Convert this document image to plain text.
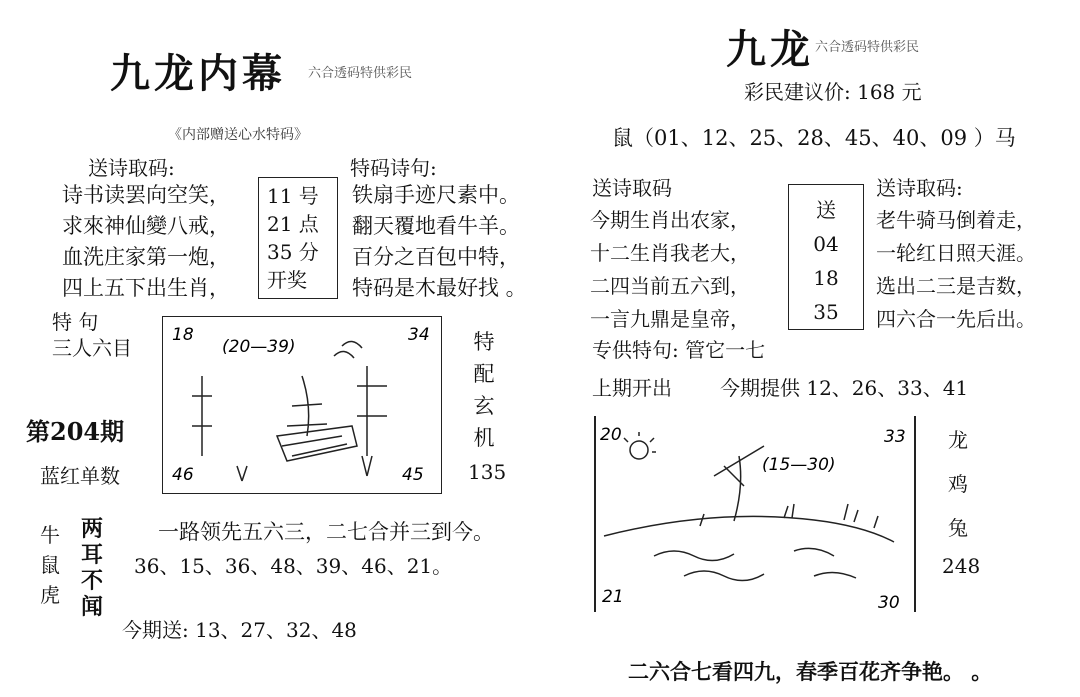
九龙内幕 六合透码特供彩民
《内部赠送心水特码》
送诗取码:
诗书读罢向空笑，
求來神仙變八戒，
血洗庄家第一炮，
四上五下出生肖，
11 号
21 点
35 分
开奖
特码诗句:
铁扇手迹尺素中。
翻天覆地看牛羊。
百分之百包中特，
特码是木最好找 。
特 句
三人六目
第204期
蓝红单数
18
(20—39)
34
46	45
特配玄机
135
牛
鼠
虎
两耳不闻
一路领先五六三，二七合并三到今。
36、15、36、48、39、46、21。
今期送: 13、27、32、48
九龙 六合透码特供彩民
彩民建议价: 168 元
鼠（01、12、25、28、45、40、09 ）马
送诗取码
今期生肖出农家，
十二生肖我老大，
二四当前五六到，
一言九鼎是皇帝，
送
04
18
35
送诗取码:
老牛骑马倒着走，
一轮红日照天涯。
选出二三是吉数，
四六合一先后出。
专供特句: 管它一七
上期开出 今期提供 12、26、33、41
20	33
(15—30)
21	30
龙
鸡
兔
248
二六合七看四九，春季百花齐争艳。 。
